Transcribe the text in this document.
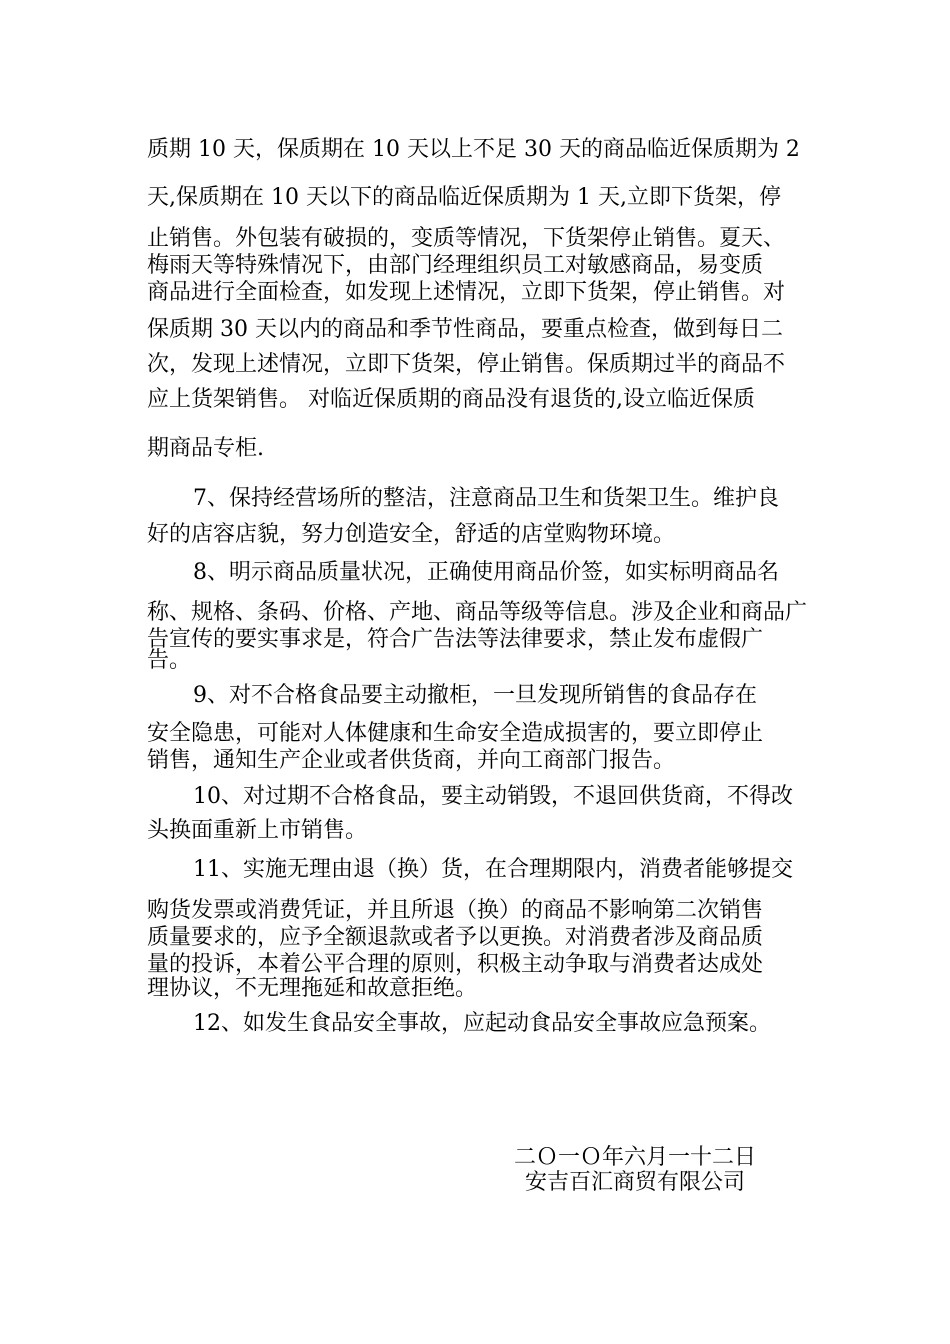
质期 10 天，保质期在 10 天以上不足 30 天的商品临近保质期为 2
天,保质期在 10 天以下的商品临近保质期为 1 天,立即下货架，停
止销售。外包装有破损的，变质等情况，下货架停止销售。夏天、
梅雨天等特殊情况下，由部门经理组织员工对敏感商品，易变质
商品进行全面检查，如发现上述情况，立即下货架，停止销售。对
保质期 30 天以内的商品和季节性商品，要重点检查，做到每日二
次，发现上述情况，立即下货架，停止销售。保质期过半的商品不
应上货架销售。 对临近保质期的商品没有退货的,设立临近保质
期商品专柜.
7、保持经营场所的整洁，注意商品卫生和货架卫生。维护良
好的店容店貌，努力创造安全，舒适的店堂购物环境。
8、明示商品质量状况，正确使用商品价签，如实标明商品名
称、规格、条码、价格、产地、商品等级等信息。涉及企业和商品广
告宣传的要实事求是，符合广告法等法律要求，禁止发布虚假广
告。
9、对不合格食品要主动撤柜，一旦发现所销售的食品存在
安全隐患，可能对人体健康和生命安全造成损害的，要立即停止
销售，通知生产企业或者供货商，并向工商部门报告。
10、对过期不合格食品，要主动销毁，不退回供货商，不得改
头换面重新上市销售。
11、实施无理由退（换）货，在合理期限内，消费者能够提交
购货发票或消费凭证，并且所退（换）的商品不影响第二次销售
质量要求的，应予全额退款或者予以更换。对消费者涉及商品质
量的投诉，本着公平合理的原则，积极主动争取与消费者达成处
理协议，不无理拖延和故意拒绝。
12、如发生食品安全事故，应起动食品安全事故应急预案。
二Ｏ一Ｏ年六月一十二日
安吉百汇商贸有限公司
